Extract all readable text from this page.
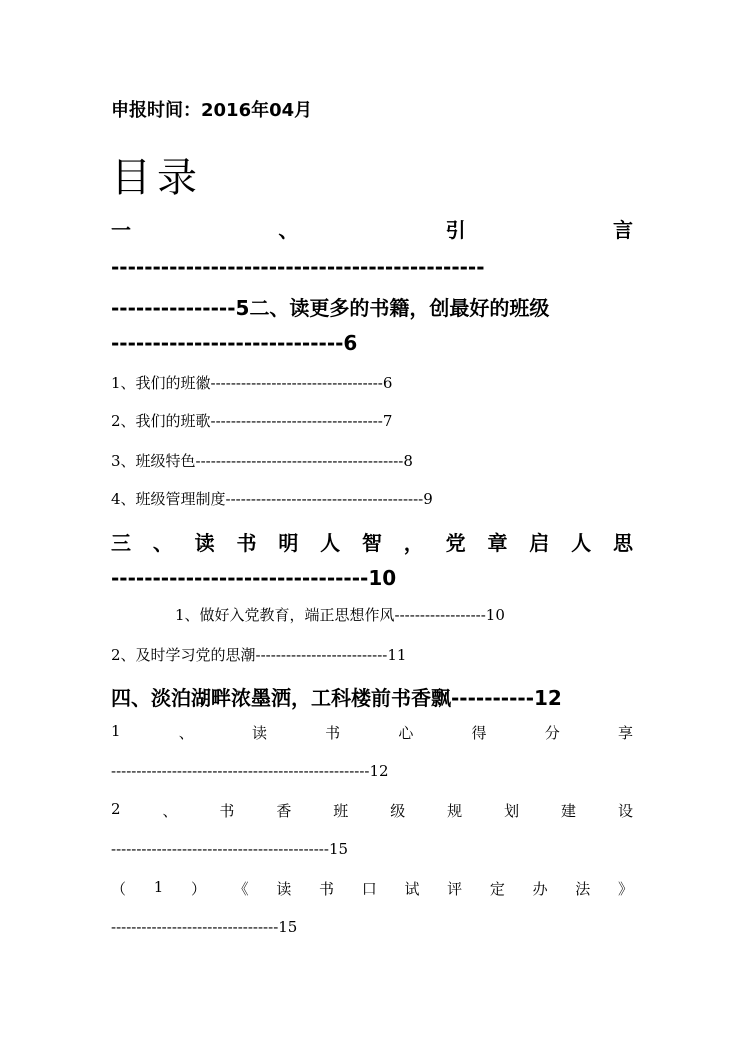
申报时间：2016年04月
目录
一	、	引	言
---------------------------------------------
---------------5二、读更多的书籍，创最好的班级
----------------------------6
1、我们的班徽----------------------------------6
2、我们的班歌----------------------------------7
3、班级特色-----------------------------------------8
4、班级管理制度---------------------------------------9
三 、 读 书 明 人 智 ， 党 章 启 人 思
-------------------------------10
1、做好入党教育，端正思想作风------------------10
2、及时学习党的思潮--------------------------11
四、淡泊湖畔浓墨洒，工科楼前书香飘----------12
1	、	读	书	心	得	分	享
---------------------------------------------------12
2	、	书	香	班	级	规	划	建	设
-------------------------------------------15
（ 1 ） 《 读 书 口 试 评 定 办 法 》
---------------------------------15
